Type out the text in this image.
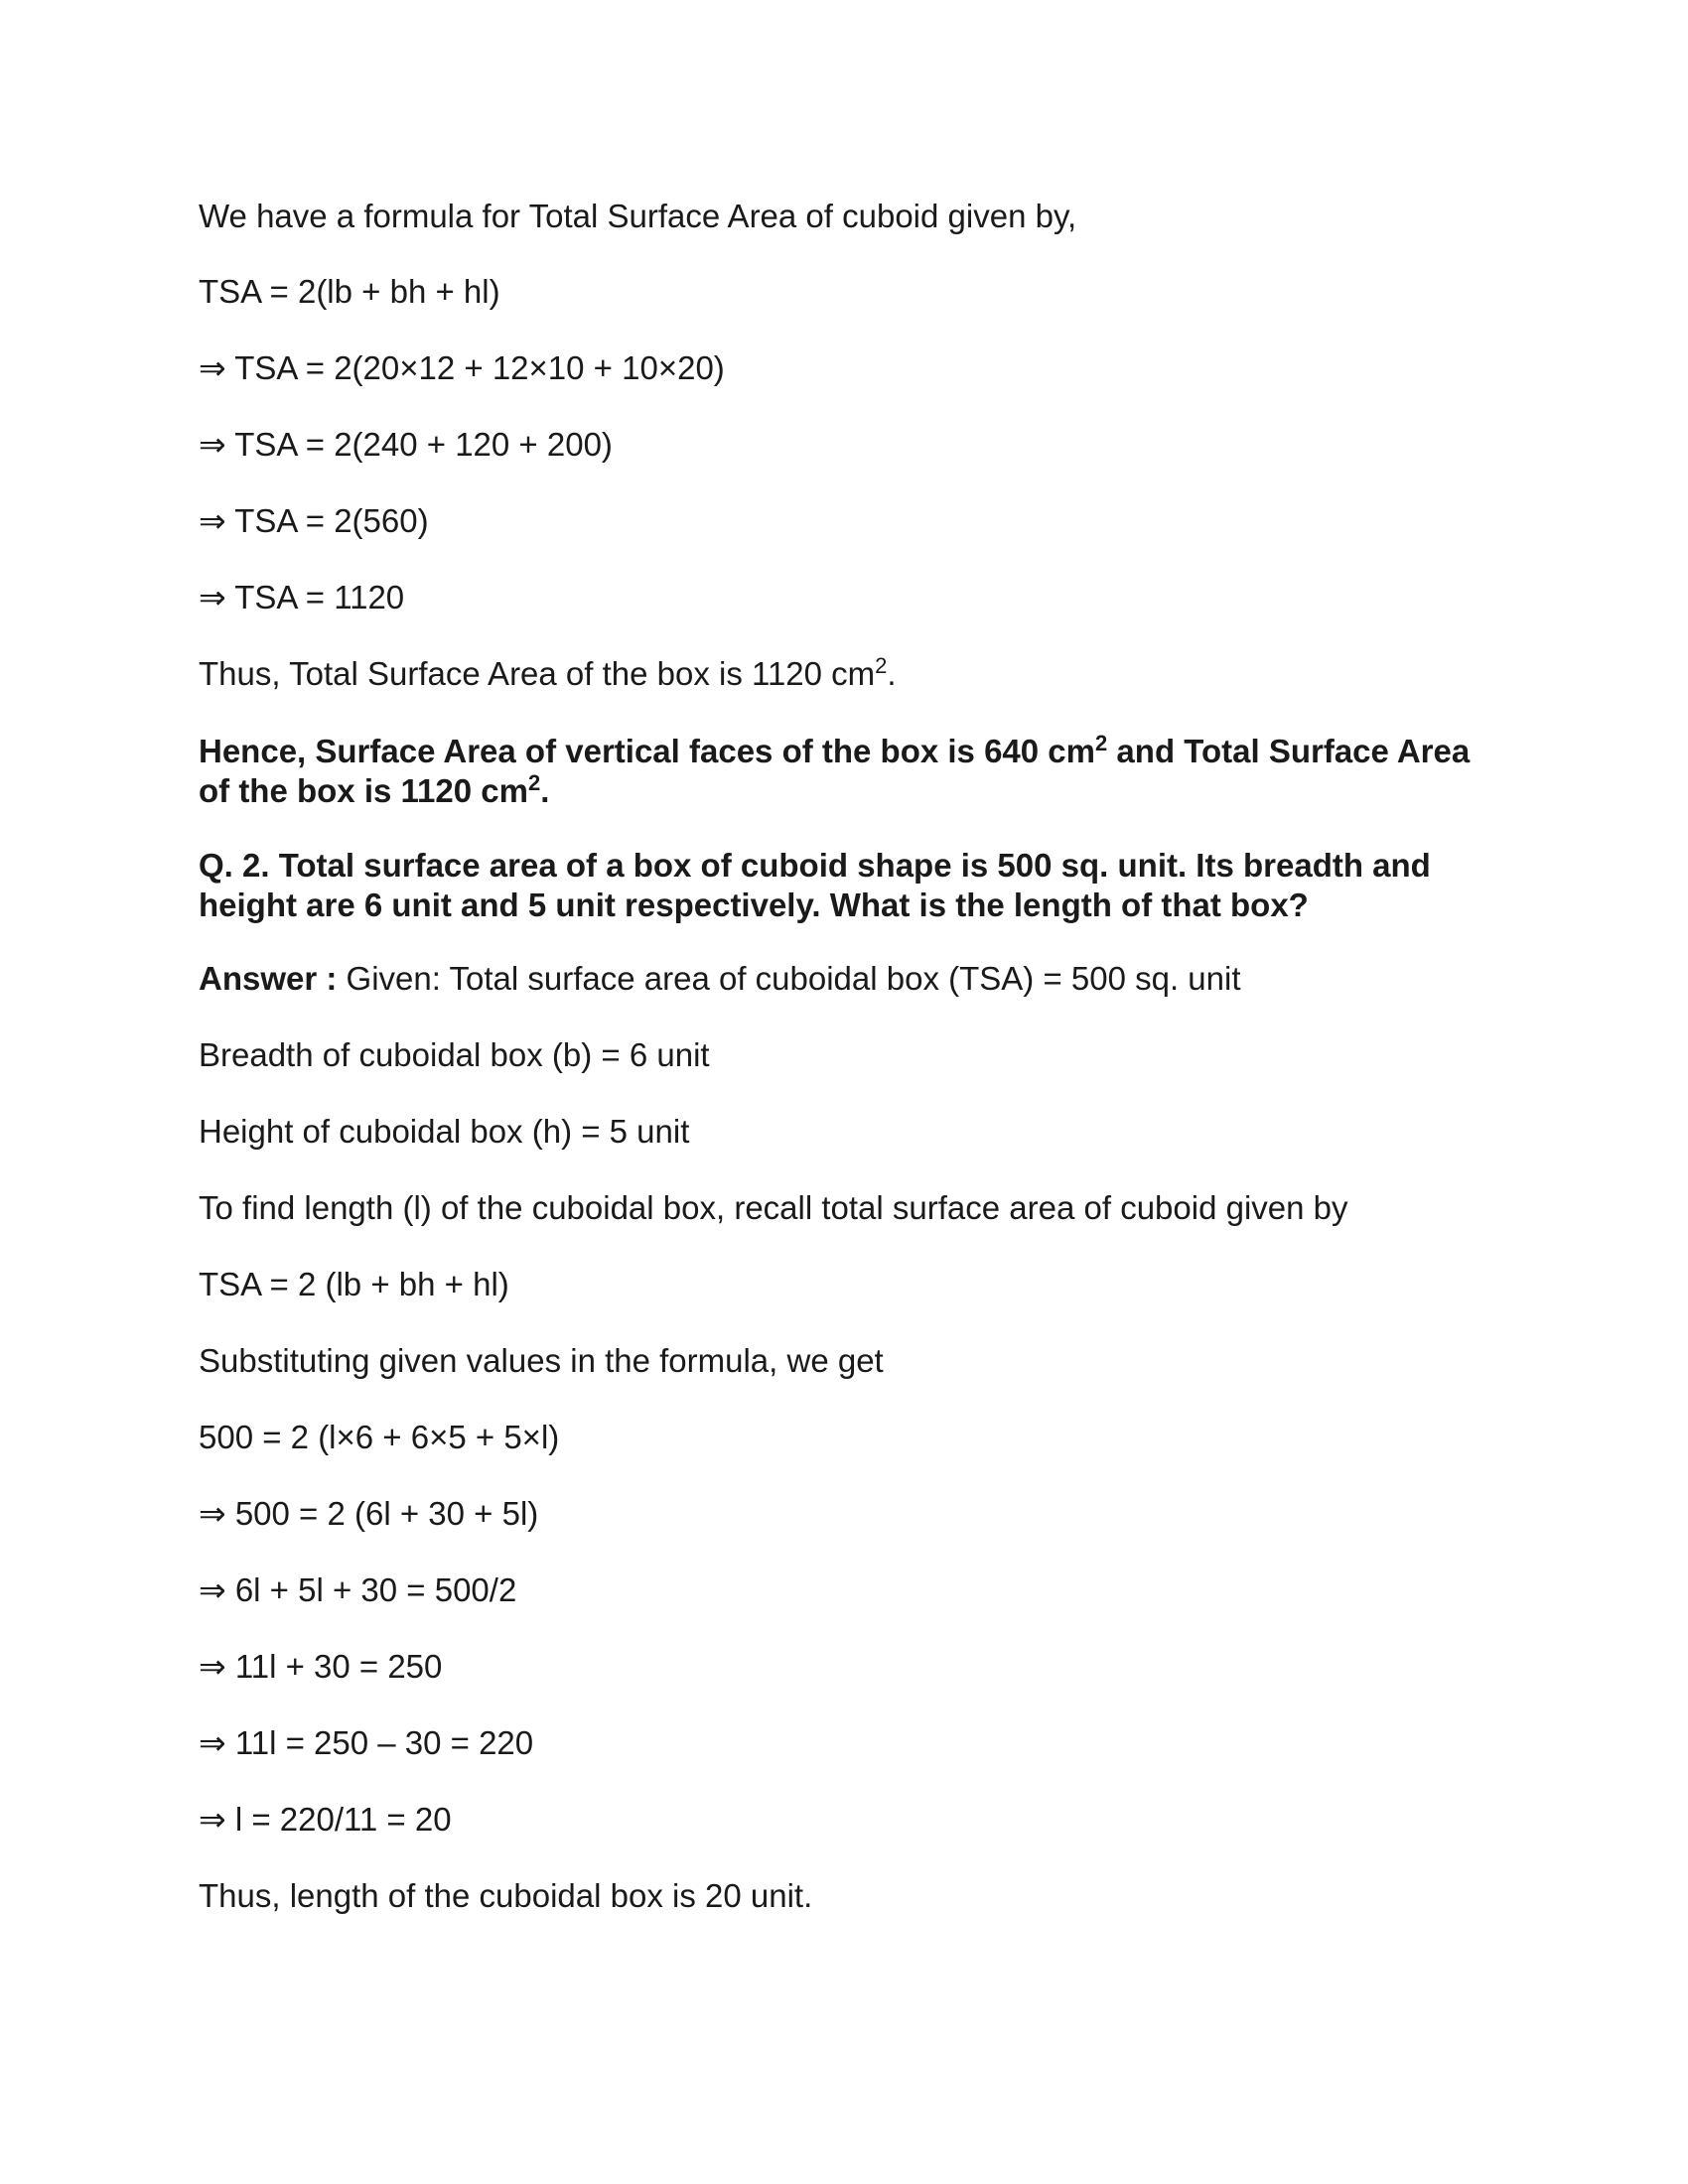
We have a formula for Total Surface Area of cuboid given by,
TSA = 2(lb + bh + hl)
⇒ TSA = 2(20×12 + 12×10 + 10×20)
⇒ TSA = 2(240 + 120 + 200)
⇒ TSA = 2(560)
⇒ TSA = 1120
Thus, Total Surface Area of the box is 1120 $cm^2$.
Hence, Surface Area of vertical faces of the box is 640 $cm^2$ and Total Surface Area of the box is 1120 $cm^2$.
Q. 2. Total surface area of a box of cuboid shape is 500 sq. unit. Its breadth and height are 6 unit and 5 unit respectively. What is the length of that box?
Answer : Given: Total surface area of cuboidal box (TSA) = 500 sq. unit
Breadth of cuboidal box (b) = 6 unit
Height of cuboidal box (h) = 5 unit
To find length (l) of the cuboidal box, recall total surface area of cuboid given by
TSA = 2 (lb + bh + hl)
Substituting given values in the formula, we get
500 = 2 (l×6 + 6×5 + 5×l)
⇒ 500 = 2 (6l + 30 + 5l)
⇒ 6l + 5l + 30 = 500/2
⇒ 11l + 30 = 250
⇒ 11l = 250 – 30 = 220
⇒ l = 220/11 = 20
Thus, length of the cuboidal box is 20 unit.
